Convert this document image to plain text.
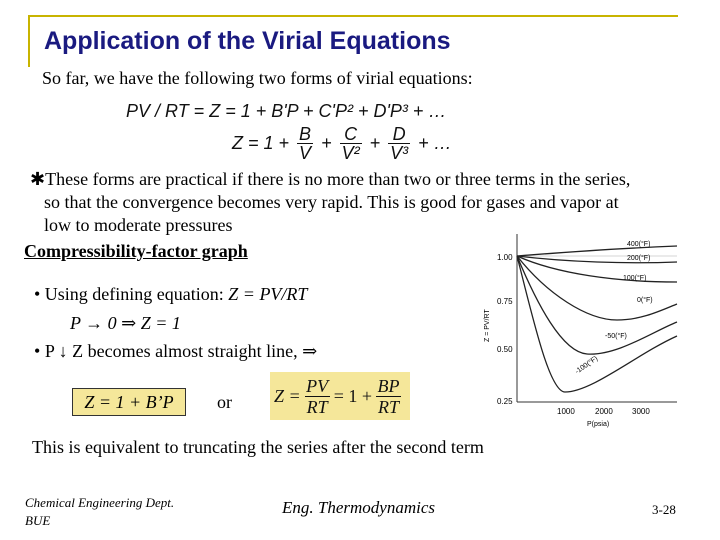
Application of the Virial Equations
So far, we have the following two forms of virial equations:
PV / RT = Z = 1 + B'P + C'P² + D'P³ + …
$Z = 1 + \frac{B}{V} + \frac{C}{\text{V²}} + \frac{D}{\text{V³}}$ + …
✱These forms are practical if there is no more than two or three terms in the series,
so that the convergence becomes very rapid. This is good for gases and vapor at
low to moderate pressures
Compressibility-factor graph
• Using defining equation: Z = PV/RT
P → 0 ⇒ Z = 1
• P ↓ Z becomes almost straight line, ⇒
Z = 1 + B’P	or $Z = \frac{PV}{RT} = 1 + \frac{BP}{RT}$
1.00
0.75
0.50
0.25
1000	2000 3000
P(psia)
Z = PV/RT
400(°F)
200(°F)
100(°F)
0(°F)
-50(°F)
-100(°F)
This is equivalent to truncating the series after the second term
Chemical Engineering Dept.
BUE
Eng. Thermodynamics	3-28
